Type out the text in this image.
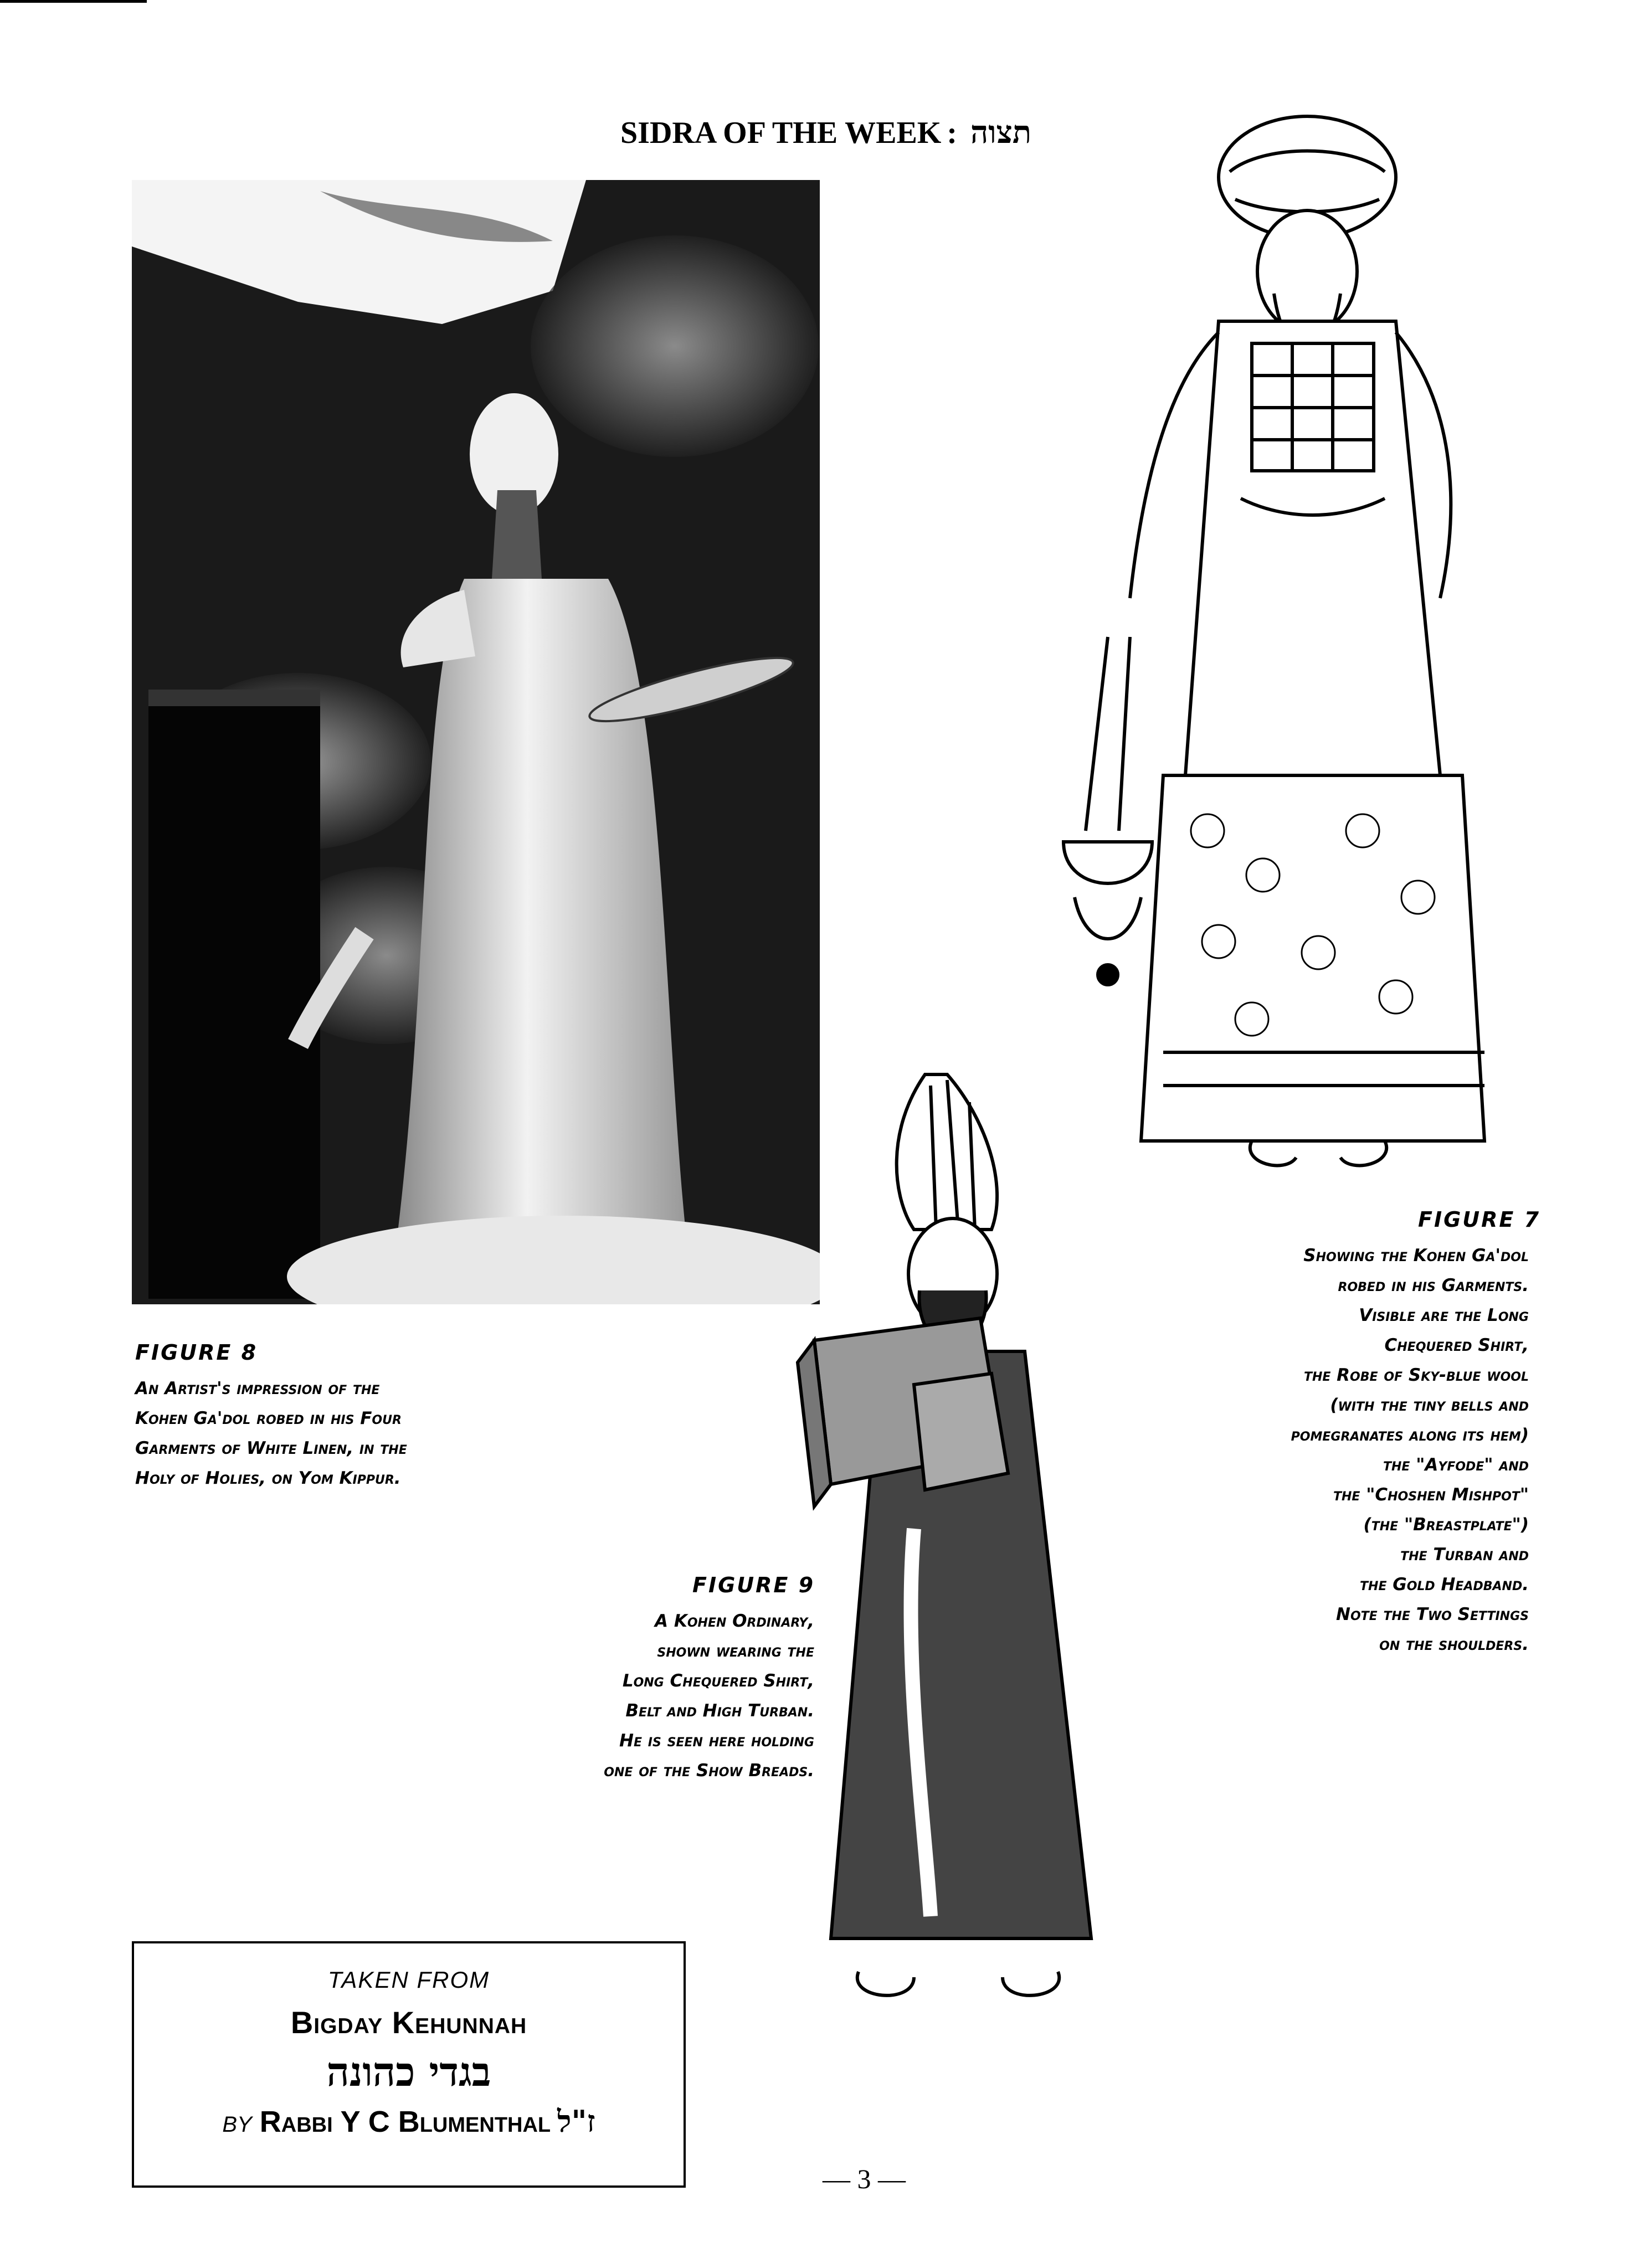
SIDRA OF THE WEEK : תצוה
FIGURE 8
An Artist's impression of the
Kohen Ga'dol robed in his Four
Garments of White Linen, in the
Holy of Holies, on Yom Kippur.
FIGURE 7
Showing the Kohen Ga'dol
robed in his Garments.
Visible are the Long
Chequered Shirt,
the Robe of Sky-blue wool
(with the tiny bells and
pomegranates along its hem)
the "Ayfode" and
the "Choshen Mishpot"
(the "Breastplate")
the Turban and
the Gold Headband.
Note the Two Settings
on the shoulders.
FIGURE 9
A Kohen Ordinary,
shown wearing the
Long Chequered Shirt,
Belt and High Turban.
He is seen here holding
one of the Show Breads.
TAKEN FROM
Bigday Kehunnah
בגדי כהונה
BY Rabbi Y C Blumenthal ז"ל
— 3 —
